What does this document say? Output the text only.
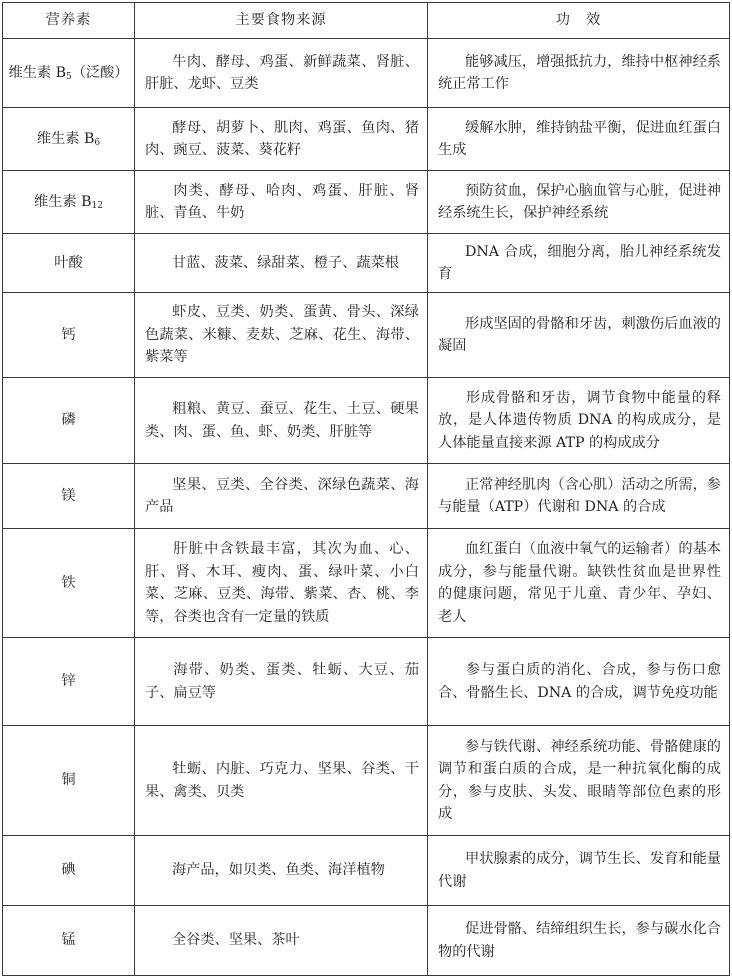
营养素	主要食物来源	功　效
维生素 $B_5$（泛酸）	牛肉、酵母、鸡蛋、新鲜蔬菜、肾脏、肝脏、龙虾、豆类	能够减压，增强抵抗力，维持中枢神经系统正常工作
维生素 $B_6$	酵母、胡萝卜、肌肉、鸡蛋、鱼肉、猪肉、豌豆、菠菜、葵花籽	缓解水肿，维持钠盐平衡，促进血红蛋白生成
维生素 $B_{12}$	肉类、酵母、哈肉、鸡蛋、肝脏、肾脏、青鱼、牛奶	预防贫血，保护心脑血管与心脏，促进神经系统生长，保护神经系统
叶酸	甘蓝、菠菜、绿甜菜、橙子、蔬菜根	DNA 合成，细胞分离，胎儿神经系统发育
钙	虾皮、豆类、奶类、蛋黄、骨头、深绿色蔬菜、米糠、麦麸、芝麻、花生、海带、紫菜等	形成坚固的骨骼和牙齿，刺激伤后血液的凝固
磷	粗粮、黄豆、蚕豆、花生、土豆、硬果类、肉、蛋、鱼、虾、奶类、肝脏等	形成骨骼和牙齿，调节食物中能量的释放，是人体遗传物质 DNA 的构成成分，是人体能量直接来源 ATP 的构成成分
镁	坚果、豆类、全谷类、深绿色蔬菜、海产品	正常神经肌肉（含心肌）活动之所需，参与能量（ATP）代谢和 DNA 的合成
铁	肝脏中含铁最丰富，其次为血、心、肝、肾、木耳、瘦肉、蛋、绿叶菜、小白菜、芝麻、豆类、海带、紫菜、杏、桃、李等，谷类也含有一定量的铁质	血红蛋白（血液中氧气的运输者）的基本成分，参与能量代谢。缺铁性贫血是世界性的健康问题，常见于儿童、青少年、孕妇、老人
锌	海带、奶类、蛋类、牡蛎、大豆、茄子、扁豆等	参与蛋白质的消化、合成，参与伤口愈合、骨骼生长、DNA 的合成，调节免疫功能
铜	牡蛎、内脏、巧克力、坚果、谷类、干果、禽类、贝类	参与铁代谢、神经系统功能、骨骼健康的调节和蛋白质的合成，是一种抗氧化酶的成分，参与皮肤、头发、眼睛等部位色素的形成
碘	海产品，如贝类、鱼类、海洋植物	甲状腺素的成分，调节生长、发育和能量代谢
锰	全谷类、坚果、茶叶	促进骨骼、结缔组织生长，参与碳水化合物的代谢
